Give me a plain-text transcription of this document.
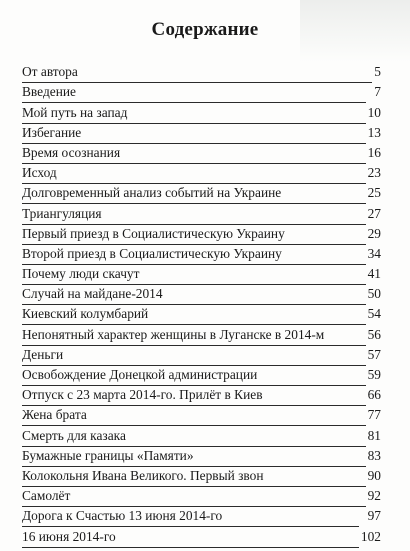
Содержание
От автора	5
Введение	7
Мой путь на запад	10
Избегание	13
Время осознания	16
Исход	23
Долговременный анализ событий на Украине	25
Триангуляция	27
Первый приезд в Социалистическую Украину	29
Второй приезд в Социалистическую Украину	34
Почему люди скачут	41
Случай на майдане-2014	50
Киевский колумбарий	54
Непонятный характер женщины в Луганске в 2014-м	56
Деньги	57
Освобождение Донецкой администрации	59
Отпуск с 23 марта 2014-го. Прилёт в Киев	66
Жена брата	77
Смерть для казака	81
Бумажные границы «Памяти»	83
Колокольня Ивана Великого. Первый звон	90
Самолёт	92
Дорога к Счастью 13 июня 2014-го	97
16 июня 2014-го	102
